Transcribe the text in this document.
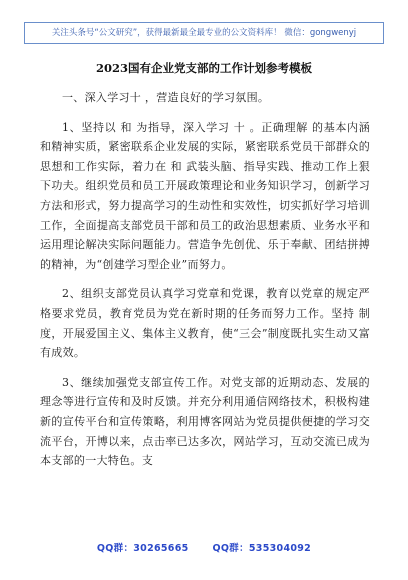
关注头条号“公文研究”，获得最新最全最专业的公文资料库！ 微信：gongwenyj
2023国有企业党支部的工作计划参考模板

一、深入学习十 ，营造良好的学习氛围。

1、坚持以 和 为指导，深入学习 十 。正确理解 的基本内涵和精神实质，紧密联系企业发展的实际，紧密联系党员干部群众的思想和工作实际，着力在 和 武装头脑、指导实践、推动工作上狠下功夫。组织党员和员工开展政策理论和业务知识学习，创新学习方法和形式，努力提高学习的生动性和实效性，切实抓好学习培训工作，全面提高支部党员干部和员工的政治思想素质、业务水平和运用理论解决实际问题能力。营造争先创优、乐于奉献、团结拼搏的精神，为“创建学习型企业”而努力。

2、组织支部党员认真学习党章和党课，教育以党章的规定严格要求党员，教育党员为党在新时期的任务而努力工作。坚持 制度，开展爱国主义、集体主义教育，使“三会”制度既扎实生动又富有成效。

3、继续加强党支部宣传工作。对党支部的近期动态、发展的理念等进行宣传和及时反馈。并充分利用通信网络技术，积极构建新的宣传平台和宣传策略，利用博客网站为党员提供便捷的学习交流平台，开博以来，点击率已达多次，网站学习，互动交流已成为本支部的一大特色。支

QQ群：30265665	QQ群：535304092
